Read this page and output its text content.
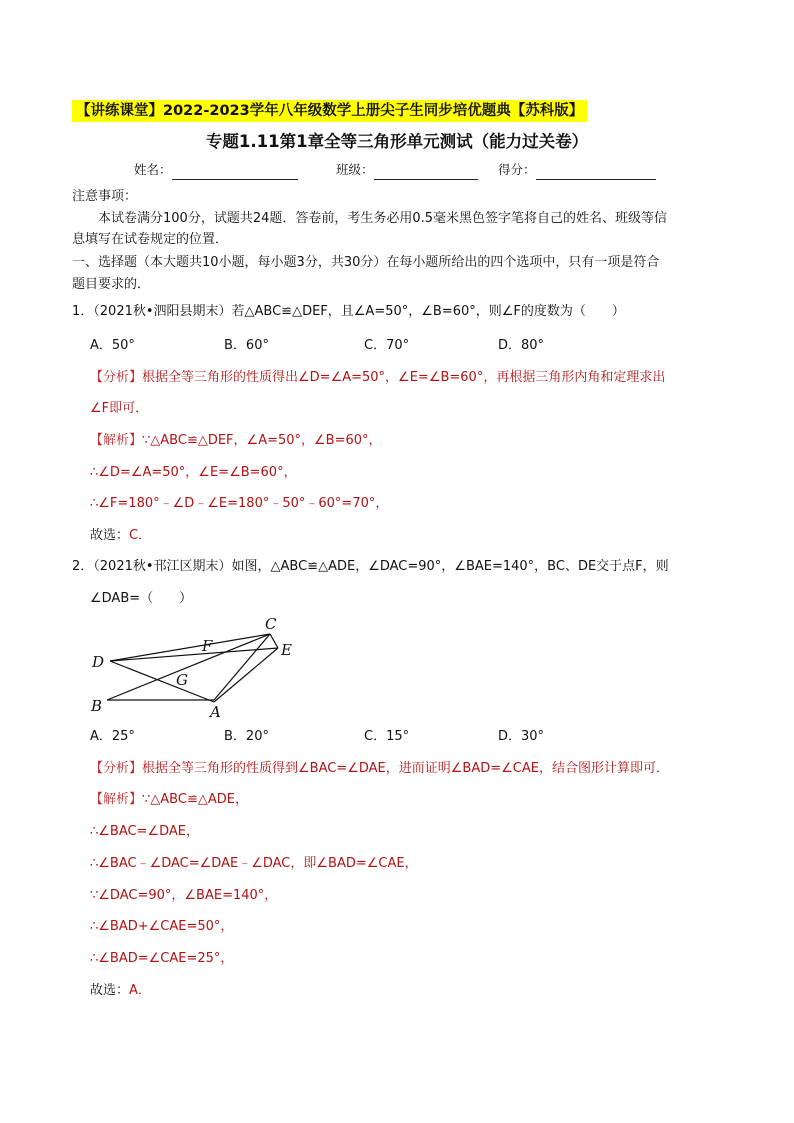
【讲练课堂】2022-2023学年八年级数学上册尖子生同步培优题典【苏科版】
专题1.11第1章全等三角形单元测试（能力过关卷）
姓名：	班级：	得分：
注意事项：
本试卷满分100分，试题共24题．答卷前，考生务必用0.5毫米黑色签字笔将自己的姓名、班级等信
息填写在试卷规定的位置．
一、选择题（本大题共10小题，每小题3分，共30分）在每小题所给出的四个选项中，只有一项是符合
题目要求的．
1．（2021秋•泗阳县期末）若△ABC≌△DEF，且∠A=50°，∠B=60°，则∠F的度数为（　　）
A．50°	B．60°	C．70°	D．80°
【分析】根据全等三角形的性质得出∠D=∠A=50°，∠E=∠B=60°，再根据三角形内角和定理求出
∠F即可．
【解析】∵△ABC≌△DEF，∠A=50°，∠B=60°，
∴∠D=∠A=50°，∠E=∠B=60°，
∴∠F=180°﹣∠D﹣∠E=180°﹣50°﹣60°=70°，
故选：C．
2．（2021秋•邗江区期末）如图，△ABC≌△ADE，∠DAC=90°，∠BAE=140°，BC、DE交于点F，则
∠DAB=（　　）
C
E
D
F
G
B	A
A．25°	B．20°	C．15°	D．30°
【分析】根据全等三角形的性质得到∠BAC=∠DAE，进而证明∠BAD=∠CAE，结合图形计算即可．
【解析】∵△ABC≌△ADE，
∴∠BAC=∠DAE，
∴∠BAC﹣∠DAC=∠DAE﹣∠DAC，即∠BAD=∠CAE，
∵∠DAC=90°，∠BAE=140°，
∴∠BAD+∠CAE=50°，
∴∠BAD=∠CAE=25°，
故选：A．
